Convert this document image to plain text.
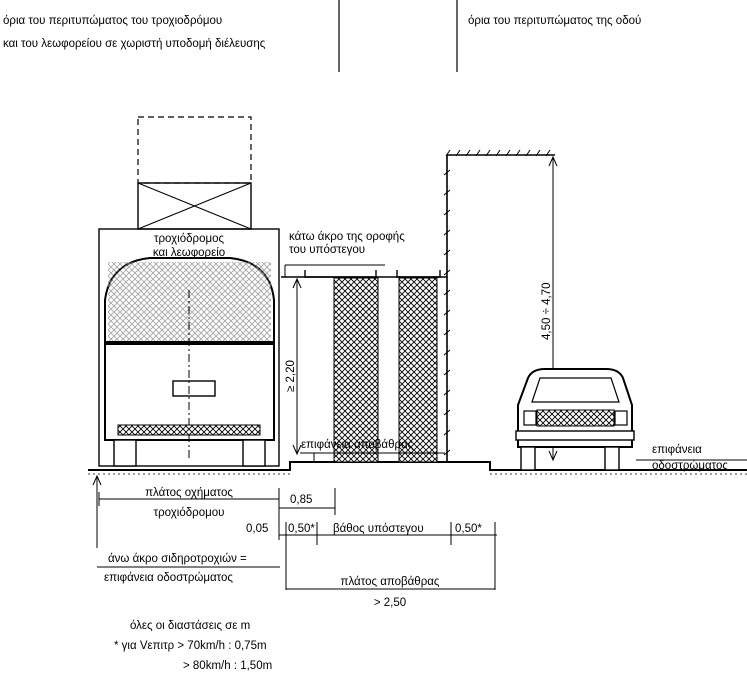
όρια του περιτυπώματος του τροχιοδρόμου
και του λεωφορείου σε χωριστή υποδομή διέλευσης
όρια του περιτυπώματος της οδού
τροχιόδρομος
και λεωφορείο
κάτω άκρο της οροφής
του υπόστεγου
≥ 2,20
επιφάνεια αποβάθρας
4,50 ÷ 4,70
επιφάνεια
οδοστρώματος
πλάτος οχήματος
τροχιόδρομου
0,85
0,05 0,50* βάθος υπόστεγου	0,50*
άνω άκρο σιδηροτροχιών =
επιφάνεια οδοστρώματος	πλάτος αποβάθρας
> 2,50
όλες οι διαστάσεις σε m
* για Vεπιτρ > 70km/h : 0,75m
> 80km/h : 1,50m
